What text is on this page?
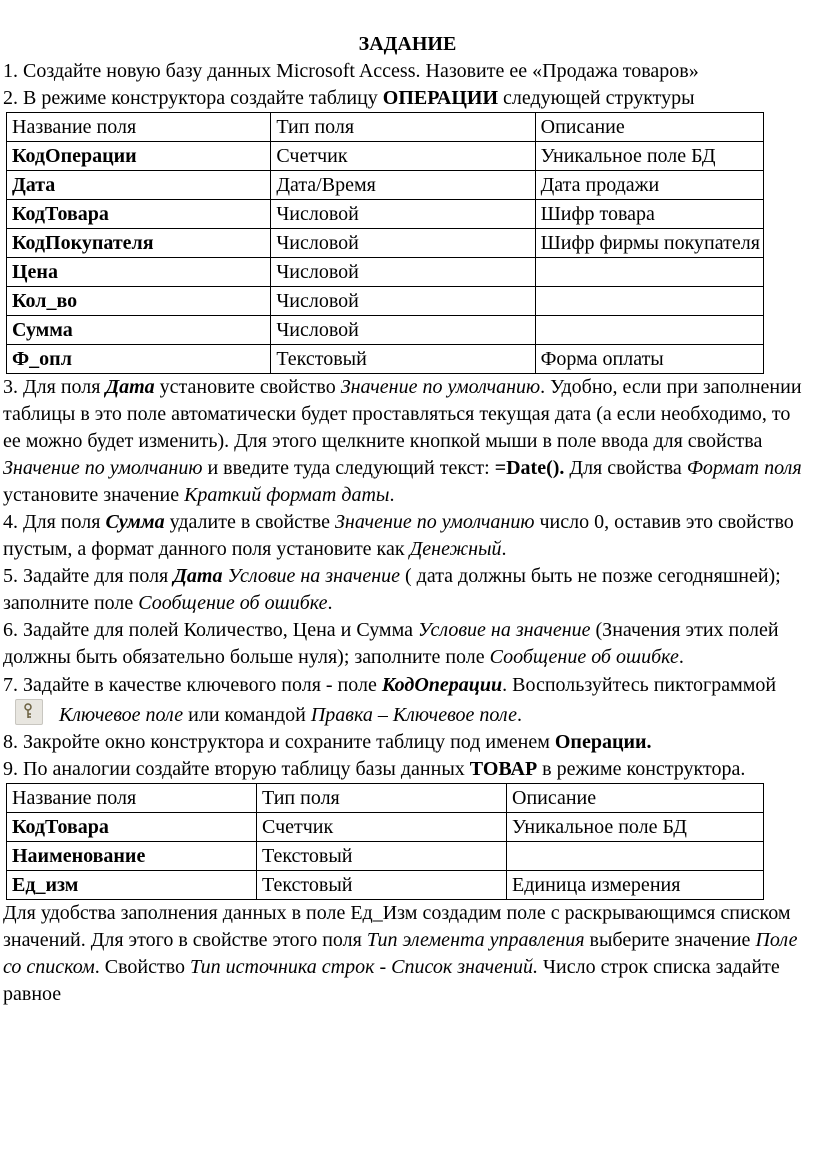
ЗАДАНИЕ

1. Создайте новую базу данных Microsoft Access. Назовите ее «Продажа товаров»

2. В режиме конструктора создайте таблицу ОПЕРАЦИИ следующей структуры

Название поля	Тип поля	Описание
КодОперации	Счетчик	Уникальное поле БД
Дата	Дата/Время	Дата продажи
КодТовара	Числовой	Шифр товара
КодПокупателя	Числовой	Шифр фирмы покупателя
Цена	Числовой	
Кол_во	Числовой	
Сумма	Числовой	
Ф_опл	Текстовый	Форма оплаты

3. Для поля Дата установите свойство Значение по умолчанию. Удобно, если при заполнении таблицы в это поле автоматически будет проставляться текущая дата (а если необходимо, то ее можно будет изменить). Для этого щелкните кнопкой мыши в поле ввода для свойства Значение по умолчанию и введите туда следующий текст: =Date(). Для свойства Формат поля установите значение Краткий формат даты.

4. Для поля Сумма удалите в свойстве Значение по умолчанию число 0, оставив это свойство пустым, а формат данного поля установите как Денежный.

5. Задайте для поля Дата Условие на значение ( дата должны быть не позже сегодняшней); заполните поле Сообщение об ошибке.

6. Задайте для полей Количество, Цена и Сумма Условие на значение (Значения этих полей должны быть обязательно больше нуля); заполните поле Сообщение об ошибке.

7. Задайте в качестве ключевого поля - поле КодОперации. Воспользуйтесь пиктограммой
Ключевое поле или командой Правка – Ключевое поле.

8. Закройте окно конструктора и сохраните таблицу под именем Операции.

9. По аналогии создайте вторую таблицу базы данных ТОВАР в режиме конструктора.

Название поля	Тип поля	Описание
КодТовара	Счетчик	Уникальное поле БД
Наименование	Текстовый	
Ед_изм	Текстовый	Единица измерения

Для удобства заполнения данных в поле Ед_Изм создадим поле с раскрывающимся списком значений. Для этого в свойстве этого поля Тип элемента управления выберите значение Поле со списком. Свойство Тип источника строк - Список значений. Число строк списка задайте равное
